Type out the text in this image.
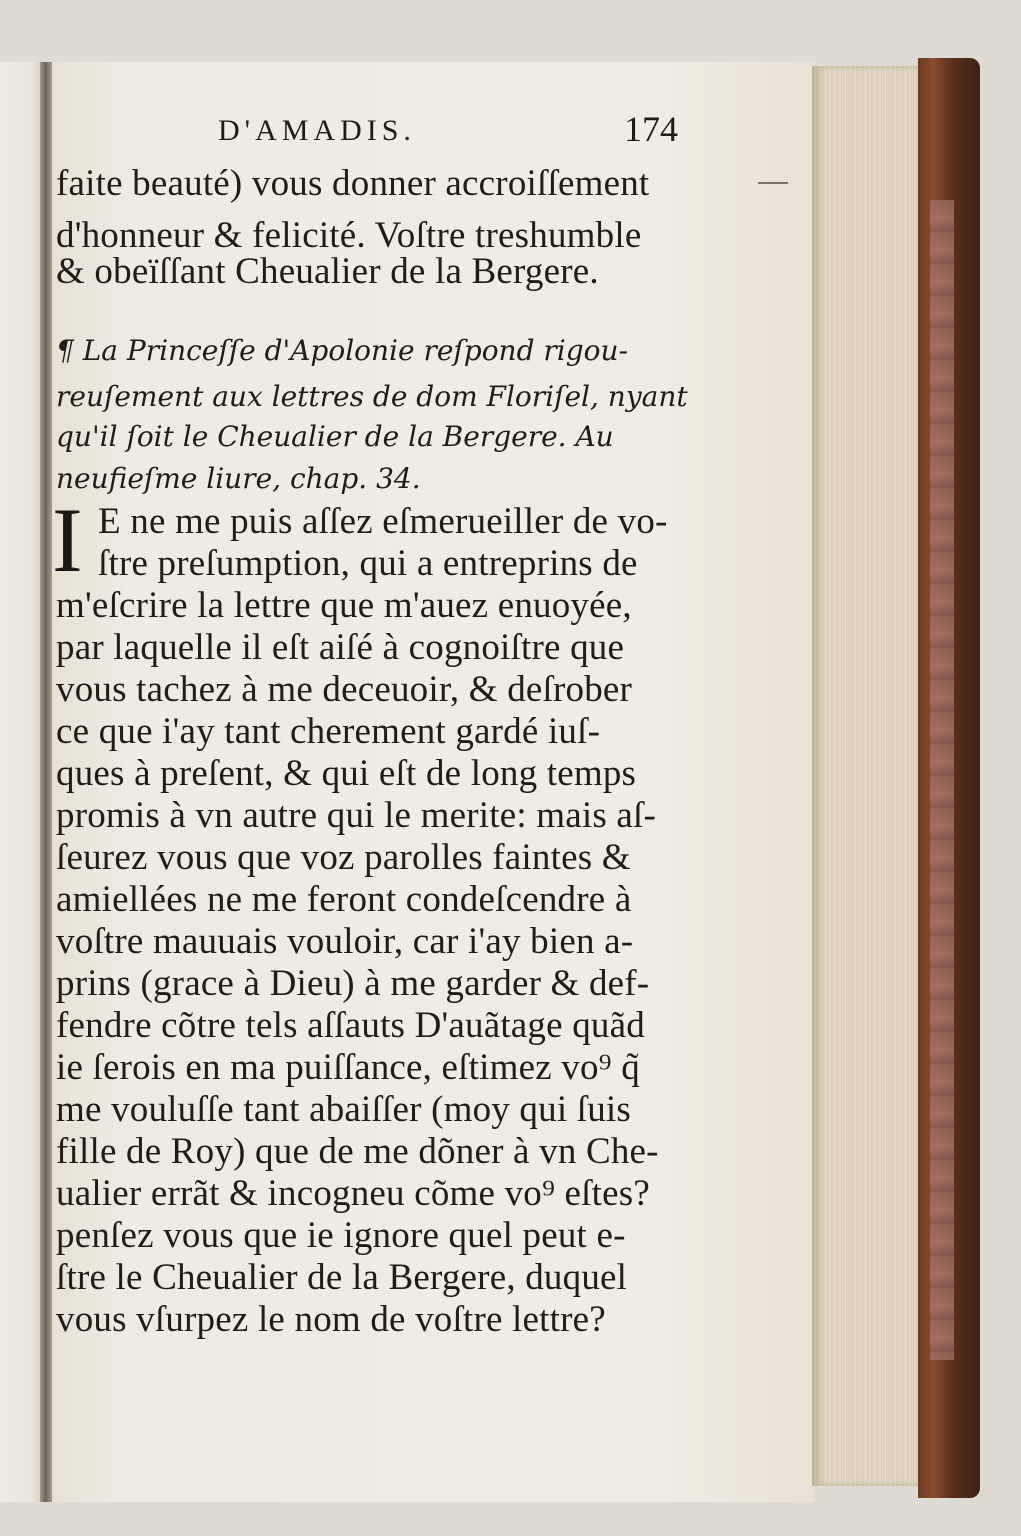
D'AMADIS.	174
faite beauté) vous donner accroiſſement
d'honneur & felicité. Voſtre treshumble
& obeïſſant Cheualier de la Bergere.
¶ La Princeſſe d'Apolonie reſpond rigou-
reuſement aux lettres de dom Floriſel, nyant
qu'il ſoit le Cheualier de la Bergere. Au
neufieſme liure, chap. 34.
I E ne me puis aſſez eſmerueiller de vo-
ſtre preſumption, qui a entreprins de
m'eſcrire la lettre que m'auez enuoyée,
par laquelle il eſt aiſé à cognoiſtre que
vous tachez à me deceuoir, & deſrober
ce que i'ay tant cherement gardé iuſ-
ques à preſent, & qui eſt de long temps
promis à vn autre qui le merite: mais aſ-
ſeurez vous que voz parolles faintes &
amiellées ne me feront condeſcendre à
voſtre mauuais vouloir, car i'ay bien a-
prins (grace à Dieu) à me garder & def-
fendre cõtre tels aſſauts D'auãtage quãd
ie ſerois en ma puiſſance, eſtimez vo⁹ q̃
me vouluſſe tant abaiſſer (moy qui ſuis
fille de Roy) que de me dõner à vn Che-
ualier errãt & incogneu cõme vo⁹ eſtes?
penſez vous que ie ignore quel peut e-
ſtre le Cheualier de la Bergere, duquel
vous vſurpez le nom de voſtre lettre?
